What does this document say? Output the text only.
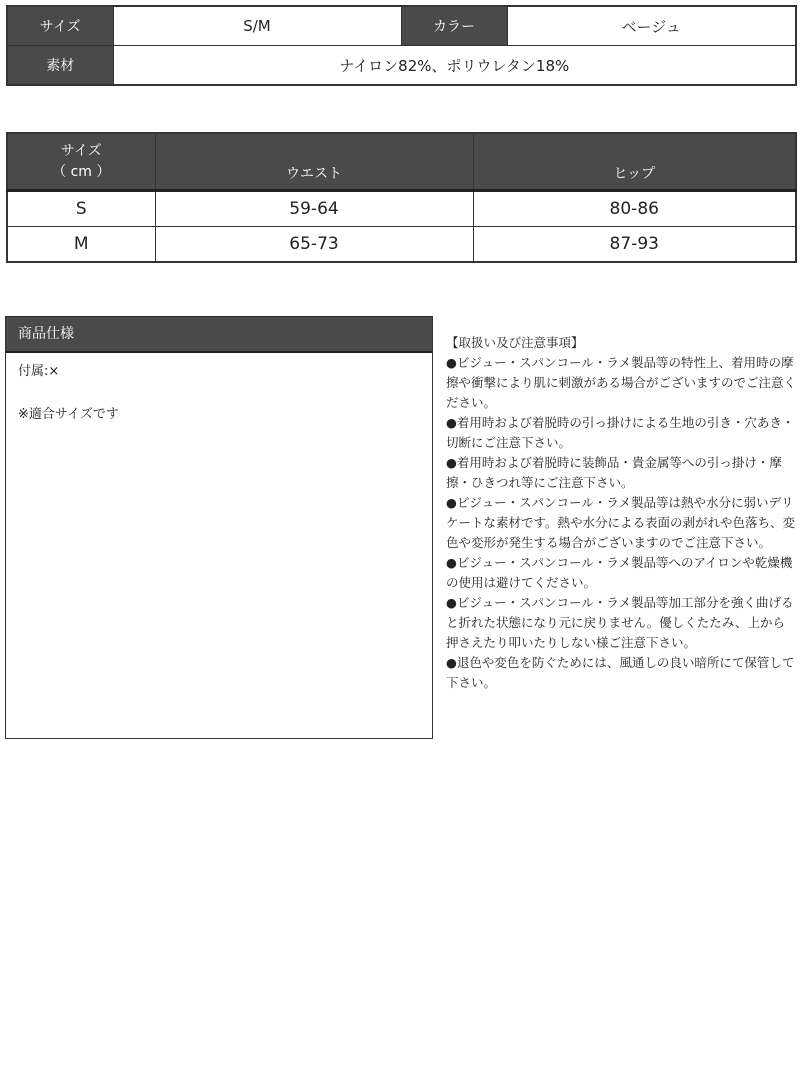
サイズ	S/M	カラー	ベージュ
素材	ナイロン82%、ポリウレタン18%		
サイズ
（ cm ）	ウエスト	ヒップ
S	59-64	80-86
M	65-73	87-93
商品仕様

付属:×

※適合サイズです

【取扱い及び注意事項】

●ビジュー・スパンコール・ラメ製品等の特性上、着用時の摩擦や衝撃により肌に刺激がある場合がございますのでご注意ください。

●着用時および着脱時の引っ掛けによる生地の引き・穴あき・切断にご注意下さい。

●着用時および着脱時に装飾品・貴金属等への引っ掛け・摩擦・ひきつれ等にご注意下さい。

●ビジュー・スパンコール・ラメ製品等は熱や水分に弱いデリケートな素材です。熱や水分による表面の剥がれや色落ち、変色や変形が発生する場合がございますのでご注意下さい。

●ビジュー・スパンコール・ラメ製品等へのアイロンや乾燥機の使用は避けてください。

●ビジュー・スパンコール・ラメ製品等加工部分を強く曲げると折れた状態になり元に戻りません。優しくたたみ、上から押さえたり叩いたりしない様ご注意下さい。

●退色や変色を防ぐためには、風通しの良い暗所にて保管して下さい。
